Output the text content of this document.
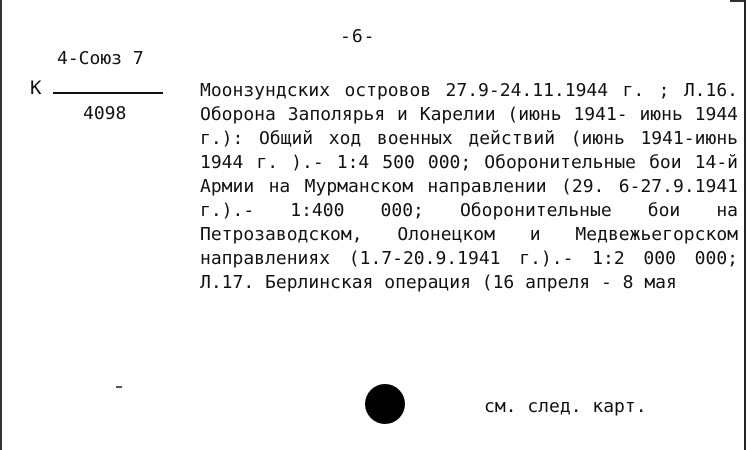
-6-
4-Союз 7
К
4098

Моонзундских островов 27.9-24.11.1944 г. ; Л.16. Оборона Заполярья и Карелии (июнь 1941- июнь 1944 г.): Общий ход военных действий (июнь 1941-июнь 1944 г. ).- 1:4 500 000; Оборонительные бои 14-й Армии на Мурманском направлении (29. 6-27.9.1941 г.).- 1:400 000; Оборонительные бои на Петрозаводском, Олонецком и Медвежьегорском направлениях (1.7-20.9.1941 г.).- 1:2 000 000; Л.17. Берлинская операция (16 апреля - 8 мая

см. след. карт.
